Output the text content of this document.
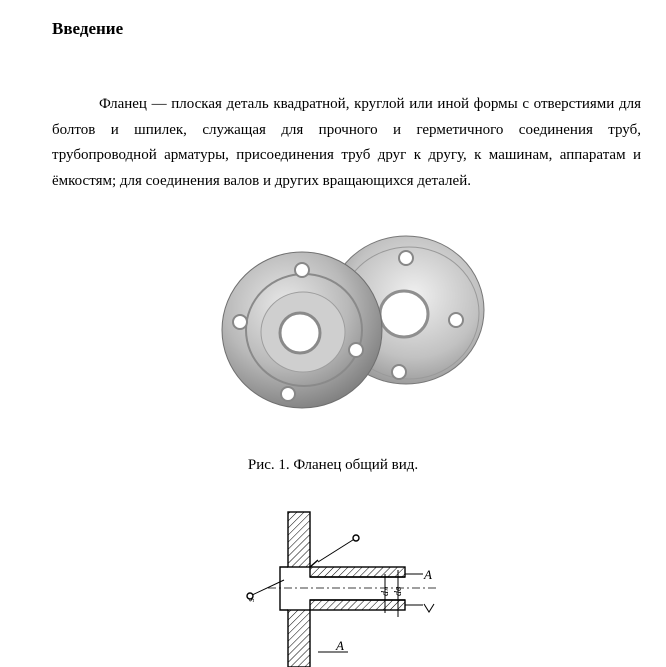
Введение

Фланец — плоская деталь квадратной, круглой или иной формы с отверстиями для болтов и шпилек, служащая для прочного и герметичного соединения труб, трубопроводной арматуры, присоединения труб друг к другу, к машинам, аппаратам и ёмкостям; для соединения валов и других вращающихся деталей.

Рис. 1. Фланец общий вид.
A
A
dₙ dв
s
